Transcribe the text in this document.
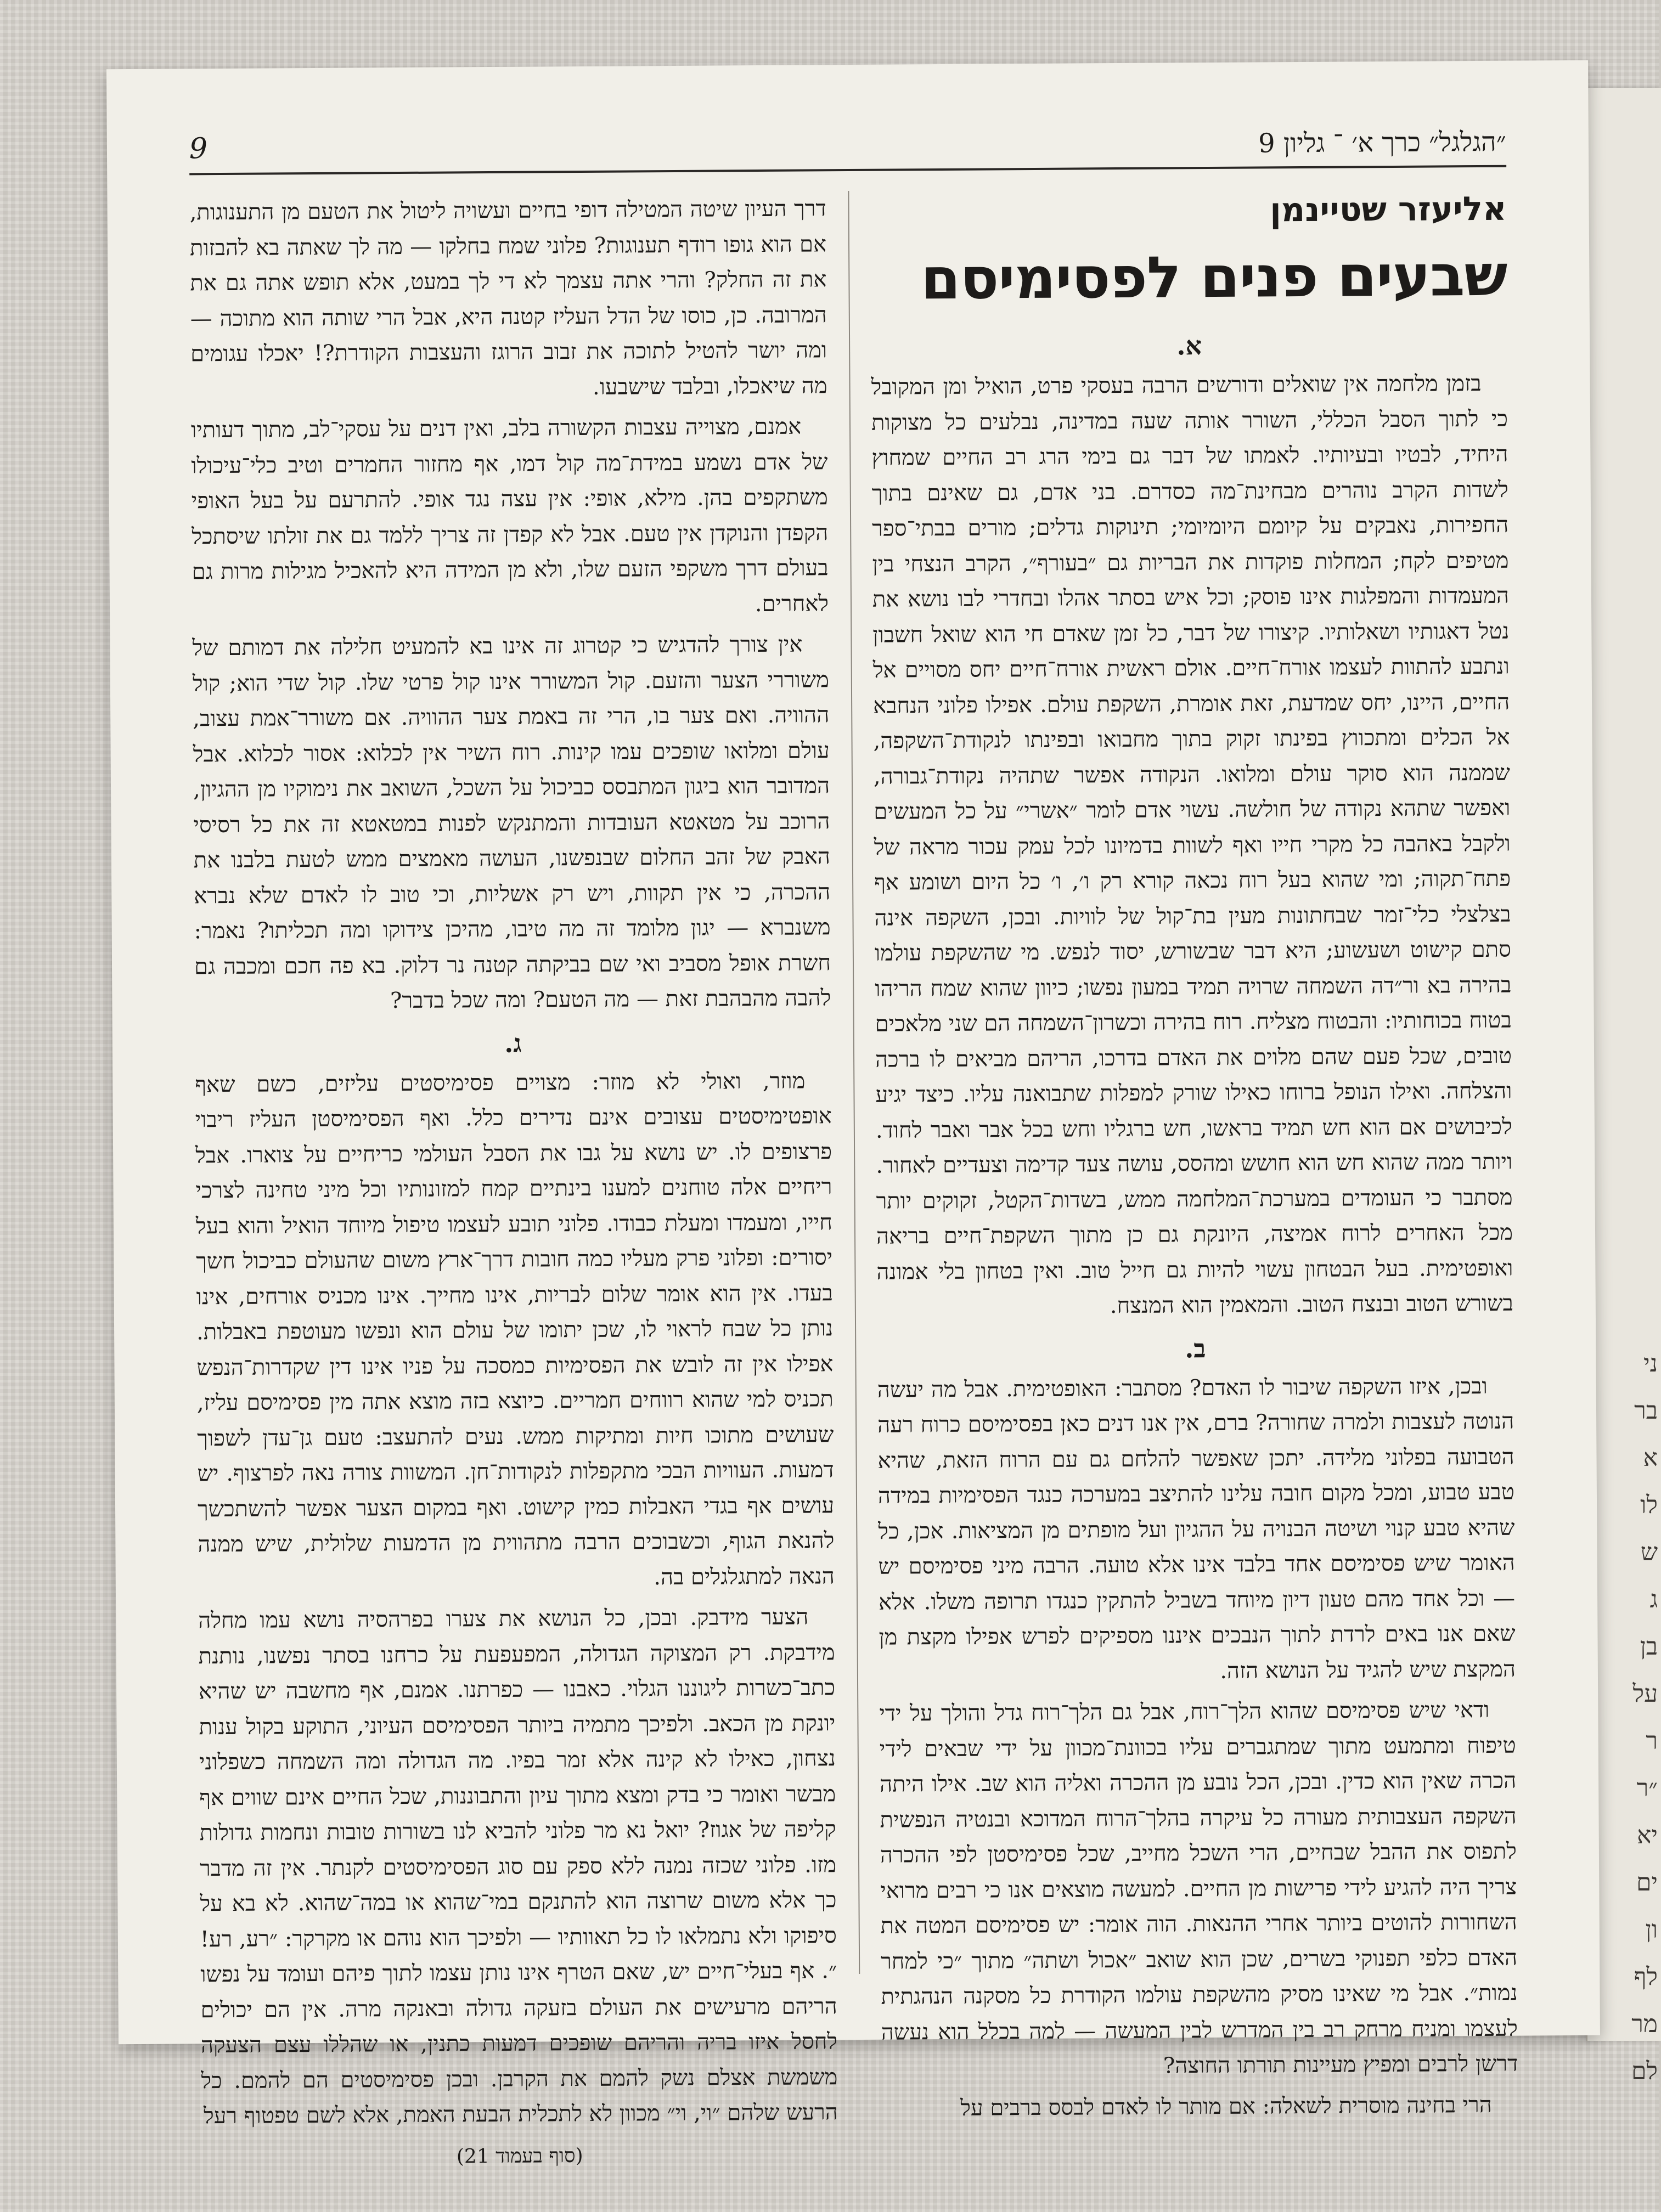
ני
בר
א
לו
ש
ג
בן
על
ר
״ר
יא
ים
ון
לף
מר
לם
9	״הגלגל״ כרך א׳ ־ גליון 9
אליעזר שטיינמן
שבעים פנים לפסימיסם
א.

בזמן מלחמה אין שואלים ודורשים הרבה בעסקי פרט, הואיל ומן המקובל כי לתוך הסבל הכללי, השורר אותה שעה במדינה, נבלעים כל מצוקות היחיד, לבטיו ובעיותיו. לאמתו של דבר גם בימי הרג רב החיים שמחוץ לשדות הקרב נוהרים מבחינת־מה כסדרם. בני אדם, גם שאינם בתוך החפירות, נאבקים על קיומם היומיומי; תינוקות גדלים; מורים בבתי־ספר מטיפים לקח; המחלות פוקדות את הבריות גם ״בעורף״, הקרב הנצחי בין המעמדות והמפלגות אינו פוסק; וכל איש בסתר אהלו ובחדרי לבו נושא את נטל דאגותיו ושאלותיו. קיצורו של דבר, כל זמן שאדם חי הוא שואל חשבון ונתבע להתוות לעצמו אורח־חיים. אולם ראשית אורח־חיים יחס מסויים אל החיים, היינו, יחס שמדעת, זאת אומרת, השקפת עולם. אפילו פלוני הנחבא אל הכלים ומתכווץ בפינתו זקוק בתוך מחבואו ובפינתו לנקודת־השקפה, שממנה הוא סוקר עולם ומלואו. הנקודה אפשר שתהיה נקודת־גבורה, ואפשר שתהא נקודה של חולשה. עשוי אדם לומר ״אשרי״ על כל המעשים ולקבל באהבה כל מקרי חייו ואף לשוות בדמיונו לכל עמק עכור מראה של פתח־תקוה; ומי שהוא בעל רוח נכאה קורא רק ו׳, ו׳ כל היום ושומע אף בצלצלי כלי־זמר שבחתונות מעין בת־קול של לוויות. ובכן, השקפה אינה סתם קישוט ושעשוע; היא דבר שבשורש, יסוד לנפש. מי שהשקפת עולמו בהירה בא ור״דה השמחה שרויה תמיד במעון נפשו; כיוון שהוא שמח הריהו בטוח בכוחותיו: והבטוח מצליח. רוח בהירה וכשרון־השמחה הם שני מלאכים טובים, שכל פעם שהם מלוים את האדם בדרכו, הריהם מביאים לו ברכה והצלחה. ואילו הנופל ברוחו כאילו שורק למפלות שתבואנה עליו. כיצד יגיע לכיבושים אם הוא חש תמיד בראשו, חש ברגליו וחש בכל אבר ואבר לחוד. ויותר ממה שהוא חש הוא חושש ומהסס, עושה צעד קדימה וצעדיים לאחור. מסתבר כי העומדים במערכת־המלחמה ממש, בשדות־הקטל, זקוקים יותר מכל האחרים לרוח אמיצה, היונקת גם כן מתוך השקפת־חיים בריאה ואופטימית. בעל הבטחון עשוי להיות גם חייל טוב. ואין בטחון בלי אמונה בשורש הטוב ובנצח הטוב. והמאמין הוא המנצח.

ב.

ובכן, איזו השקפה שיבור לו האדם? מסתבר: האופטימית. אבל מה יעשה הנוטה לעצבות ולמרה שחורה? ברם, אין אנו דנים כאן בפסימיסם כרוח רעה הטבועה בפלוני מלידה. יתכן שאפשר להלחם גם עם הרוח הזאת, שהיא טבע טבוע, ומכל מקום חובה עלינו להתיצב במערכה כנגד הפסימיות במידה שהיא טבע קנוי ושיטה הבנויה על ההגיון ועל מופתים מן המציאות. אכן, כל האומר שיש פסימיסם אחד בלבד אינו אלא טועה. הרבה מיני פסימיסם יש — וכל אחד מהם טעון דיון מיוחד בשביל להתקין כנגדו תרופה משלו. אלא שאם אנו באים לרדת לתוך הנבכים איננו מספיקים לפרש אפילו מקצת מן המקצת שיש להגיד על הנושא הזה.

ודאי שיש פסימיסם שהוא הלך־רוח, אבל גם הלך־רוח גדל והולך על ידי טיפוח ומתמעט מתוך שמתגברים עליו בכוונת־מכוון על ידי שבאים לידי הכרה שאין הוא כדין. ובכן, הכל נובע מן ההכרה ואליה הוא שב. אילו היתה השקפה העצבותית מעורה כל עיקרה בהלך־הרוח המדוכא ובנטיה הנפשית לתפוס את ההבל שבחיים, הרי השכל מחייב, שכל פסימיסטן לפי ההכרה צריך היה להגיע לידי פרישות מן החיים. למעשה מוצאים אנו כי רבים מרואי השחורות להוטים ביותר אחרי ההנאות. הוה אומר: יש פסימיסם המטה את האדם כלפי תפנוקי בשרים, שכן הוא שואב ״אכול ושתה״ מתוך ״כי למחר נמות״. אבל מי שאינו מסיק מהשקפת עולמו הקודרת כל מסקנה הנהגתית לעצמו ומניח מרחק רב בין המדרש לבין המעשה — למה בכלל הוא נעשה דרשן לרבים ומפיץ מעיינות תורתו החוצה?

הרי בחינה מוסרית לשאלה: אם מותר לו לאדם לבסס ברבים על

דרך העיון שיטה המטילה דופי בחיים ועשויה ליטול את הטעם מן התענוגות, אם הוא גופו רודף תענוגות? פלוני שמח בחלקו — מה לך שאתה בא להבזות את זה החלק? והרי אתה עצמך לא די לך במעט, אלא תופש אתה גם את המרובה. כן, כוסו של הדל העליז קטנה היא, אבל הרי שותה הוא מתוכה — ומה יושר להטיל לתוכה את זבוב הרוגז והעצבות הקודרת?! יאכלו עגומים מה שיאכלו, ובלבד שישבעו.

אמנם, מצוייה עצבות הקשורה בלב, ואין דנים על עסקי־לב, מתוך דעותיו של אדם נשמע במידת־מה קול דמו, אף מחזור החמרים וטיב כלי־עיכולו משתקפים בהן. מילא, אופי: אין עצה נגד אופי. להתרעם על בעל האופי הקפדן והנוקדן אין טעם. אבל לא קפדן זה צריך ללמד גם את זולתו שיסתכל בעולם דרך משקפי הזעם שלו, ולא מן המידה היא להאכיל מגילות מרות גם לאחרים.

אין צורך להדגיש כי קטרוג זה אינו בא להמעיט חלילה את דמותם של משוררי הצער והזעם. קול המשורר אינו קול פרטי שלו. קול שדי הוא; קול ההוויה. ואם צער בו, הרי זה באמת צער ההוויה. אם משורר־אמת עצוב, עולם ומלואו שופכים עמו קינות. רוח השיר אין לכלוא: אסור לכלוא. אבל המדובר הוא ביגון המתבסס כביכול על השכל, השואב את נימוקיו מן ההגיון, הרוכב על מטאטא העובדות והמתנקש לפנות במטאטא זה את כל רסיסי האבק של זהב החלום שבנפשנו, העושה מאמצים ממש לטעת בלבנו את ההכרה, כי אין תקוות, ויש רק אשליות, וכי טוב לו לאדם שלא נברא משנברא — יגון מלומד זה מה טיבו, מהיכן צידוקו ומה תכליתו? נאמר: חשרת אופל מסביב ואי שם בביקתה קטנה נר דלוק. בא פה חכם ומכבה גם להבה מהבהבת זאת — מה הטעם? ומה שכל בדבר?

ג.

מוזר, ואולי לא מוזר: מצויים פסימיסטים עליזים, כשם שאף אופטימיסטים עצובים אינם נדירים כלל. ואף הפסימיסטן העליז ריבוי פרצופים לו. יש נושא על גבו את הסבל העולמי כריחיים על צוארו. אבל ריחיים אלה טוחנים למענו בינתיים קמח למזונותיו וכל מיני טחינה לצרכי חייו, ומעמדו ומעלת כבודו. פלוני תובע לעצמו טיפול מיוחד הואיל והוא בעל יסורים: ופלוני פרק מעליו כמה חובות דרך־ארץ משום שהעולם כביכול חשך בעדו. אין הוא אומר שלום לבריות, אינו מחייך. אינו מכניס אורחים, אינו נותן כל שבח לראוי לו, שכן יתומו של עולם הוא ונפשו מעוטפת באבלות. אפילו אין זה לובש את הפסימיות כמסכה על פניו אינו דין שקדרות־הנפש תכניס למי שהוא רווחים חמריים. כיוצא בזה מוצא אתה מין פסימיסם עליז, שעושים מתוכו חיות ומתיקות ממש. נעים להתעצב: טעם גן־עדן לשפוך דמעות. העוויות הבכי מתקפלות לנקודות־חן. המשוות צורה נאה לפרצוף. יש עושים אף בגדי האבלות כמין קישוט. ואף במקום הצער אפשר להשתכשך להנאת הגוף, וכשבוכים הרבה מתהווית מן הדמעות שלולית, שיש ממנה הנאה למתגלגלים בה.

הצער מידבק. ובכן, כל הנושא את צערו בפרהסיה נושא עמו מחלה מידבקת. רק המצוקה הגדולה, המפעפעת על כרחנו בסתר נפשנו, נותנת כתב־כשרות ליגוננו הגלוי. כאבנו — כפרתנו. אמנם, אף מחשבה יש שהיא יונקת מן הכאב. ולפיכך מתמיה ביותר הפסימיסם העיוני, התוקע בקול ענות נצחון, כאילו לא קינה אלא זמר בפיו. מה הגדולה ומה השמחה כשפלוני מבשר ואומר כי בדק ומצא מתוך עיון והתבוננות, שכל החיים אינם שווים אף קליפה של אגוז? יואל נא מר פלוני להביא לנו בשורות טובות ונחמות גדולות מזו. פלוני שכזה נמנה ללא ספק עם סוג הפסימיסטים לקנתר. אין זה מדבר כך אלא משום שרוצה הוא להתנקם במי־שהוא או במה־שהוא. לא בא על סיפוקו ולא נתמלאו לו כל תאוותיו — ולפיכך הוא נוהם או מקרקר: ״רע, רע!״. אף בעלי־חיים יש, שאם הטרף אינו נותן עצמו לתוך פיהם ועומד על נפשו הריהם מרעישים את העולם בזעקה גדולה ובאנקה מרה. אין הם יכולים לחסל איזו בריה והריהם שופכים דמעות כתנין, או שהללו עצם הצעקה משמשת אצלם נשק להמם את הקרבן. ובכן פסימיסטים הם להמם. כל הרעש שלהם ״וי, וי״ מכוון לא לתכלית הבעת האמת, אלא לשם טפטוף רעל

(סוף בעמוד 21)
